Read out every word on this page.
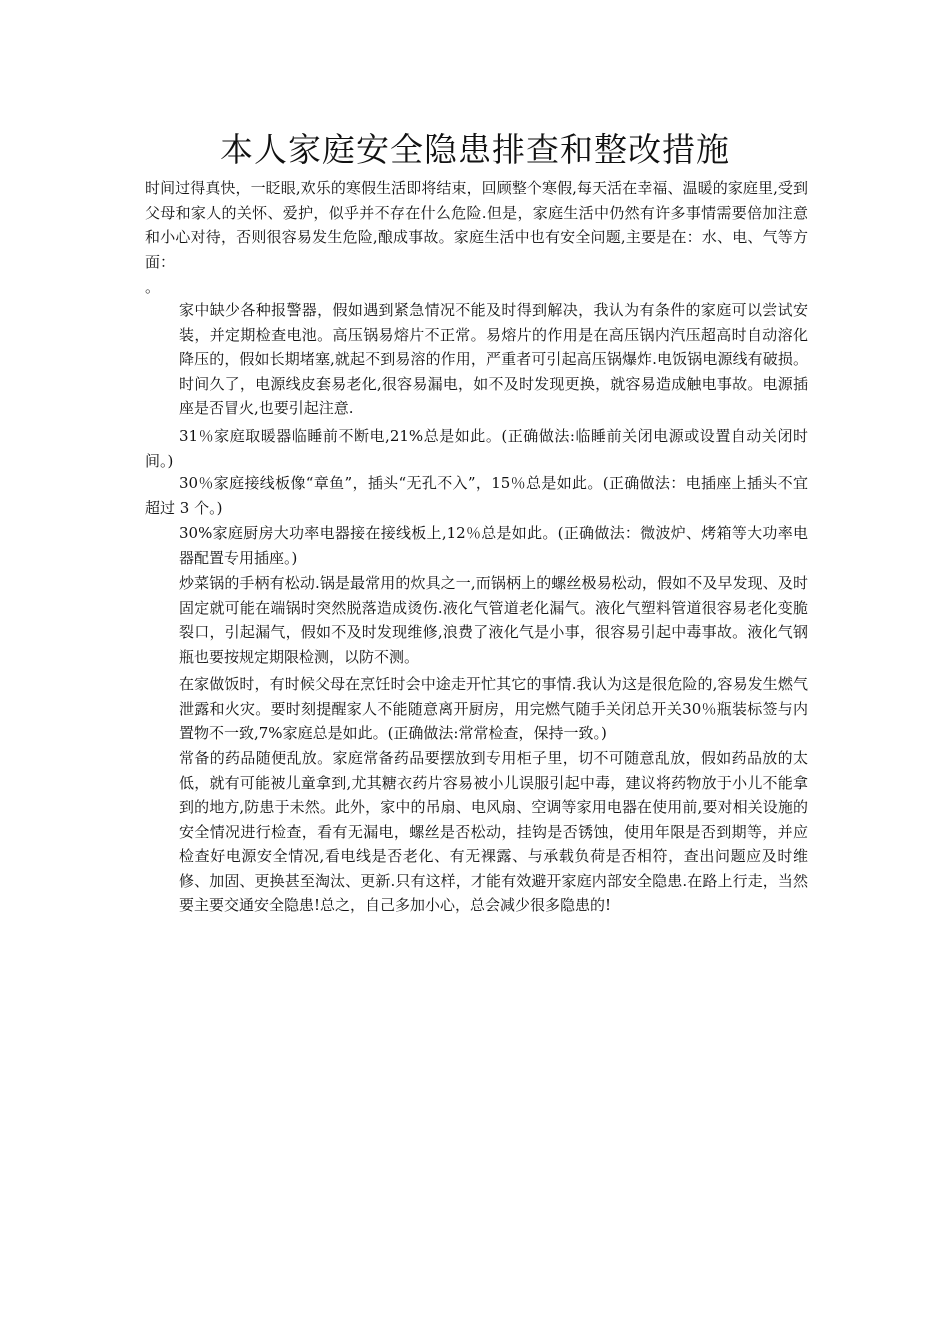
本人家庭安全隐患排查和整改措施

时间过得真快，一眨眼,欢乐的寒假生活即将结束，回顾整个寒假,每天活在幸福、温暖的家庭里,受到父母和家人的关怀、爱护，似乎并不存在什么危险.但是，家庭生活中仍然有许多事情需要倍加注意和小心对待，否则很容易发生危险,酿成事故。家庭生活中也有安全问题,主要是在：水、电、气等方面：

。

家中缺少各种报警器，假如遇到紧急情况不能及时得到解决，我认为有条件的家庭可以尝试安装，并定期检查电池。高压锅易熔片不正常。易熔片的作用是在高压锅内汽压超高时自动溶化降压的，假如长期堵塞,就起不到易溶的作用，严重者可引起高压锅爆炸.电饭锅电源线有破损。时间久了，电源线皮套易老化,很容易漏电，如不及时发现更换，就容易造成触电事故。电源插座是否冒火,也要引起注意.

31％家庭取暖器临睡前不断电,21%总是如此。(正确做法:临睡前关闭电源或设置自动关闭时间。)

30％家庭接线板像“章鱼”，插头“无孔不入”，15％总是如此。(正确做法：电插座上插头不宜超过 3 个。)

30%家庭厨房大功率电器接在接线板上,12％总是如此。(正确做法：微波炉、烤箱等大功率电器配置专用插座。)

炒菜锅的手柄有松动.锅是最常用的炊具之一,而锅柄上的螺丝极易松动，假如不及早发现、及时固定就可能在端锅时突然脱落造成烫伤.液化气管道老化漏气。液化气塑料管道很容易老化变脆裂口，引起漏气，假如不及时发现维修,浪费了液化气是小事，很容易引起中毒事故。液化气钢瓶也要按规定期限检测，以防不测。

在家做饭时，有时候父母在烹饪时会中途走开忙其它的事情.我认为这是很危险的,容易发生燃气泄露和火灾。要时刻提醒家人不能随意离开厨房，用完燃气随手关闭总开关30％瓶装标签与内置物不一致,7%家庭总是如此。(正确做法:常常检查，保持一致。)

常备的药品随便乱放。家庭常备药品要摆放到专用柜子里，切不可随意乱放，假如药品放的太低，就有可能被儿童拿到,尤其糖衣药片容易被小儿误服引起中毒，建议将药物放于小儿不能拿到的地方,防患于未然。此外，家中的吊扇、电风扇、空调等家用电器在使用前,要对相关设施的安全情况进行检查，看有无漏电，螺丝是否松动，挂钩是否锈蚀，使用年限是否到期等，并应检查好电源安全情况,看电线是否老化、有无裸露、与承载负荷是否相符，查出问题应及时维修、加固、更换甚至淘汰、更新.只有这样，才能有效避开家庭内部安全隐患.在路上行走，当然要主要交通安全隐患!总之，自己多加小心，总会减少很多隐患的!
